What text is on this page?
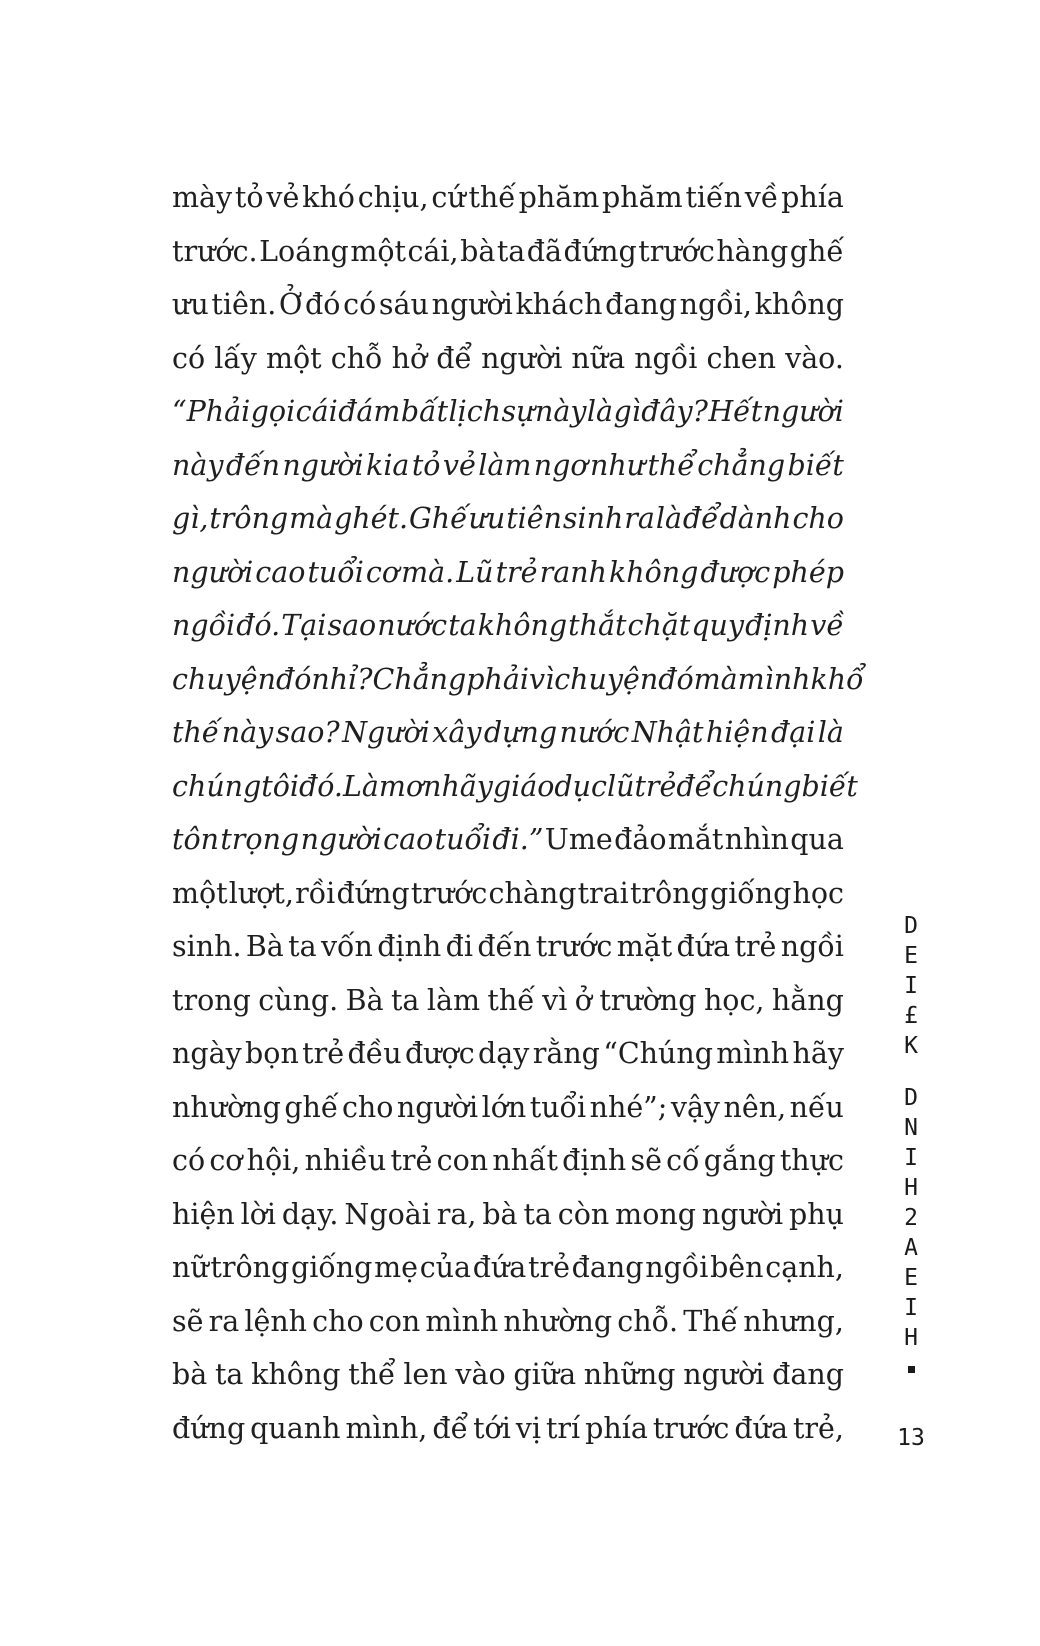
mày tỏ vẻ khó chịu, cứ thế phăm phăm tiến về phía
trước. Loáng một cái, bà ta đã đứng trước hàng ghế
ưu tiên. Ở đó có sáu người khách đang ngồi, không
có lấy một chỗ hở để người nữa ngồi chen vào.
“Phải gọi cái đám bất lịch sự này là gì đây? Hết người
này đến người kia tỏ vẻ làm ngơ như thể chẳng biết
gì, trông mà ghét. Ghế ưu tiên sinh ra là để dành cho
người cao tuổi cơ mà. Lũ trẻ ranh không được phép
ngồi đó. Tại sao nước ta không thắt chặt quy định về
chuyện đó nhỉ? Chẳng phải vì chuyện đó mà mình khổ
thế này sao? Người xây dựng nước Nhật hiện đại là
chúng tôi đó. Làm ơn hãy giáo dục lũ trẻ để chúng biết
tôn trọng người cao tuổi đi.” Ume đảo mắt nhìn qua
một lượt, rồi đứng trước chàng trai trông giống học
sinh. Bà ta vốn định đi đến trước mặt đứa trẻ ngồi
trong cùng. Bà ta làm thế vì ở trường học, hằng
ngày bọn trẻ đều được dạy rằng “Chúng mình hãy
nhường ghế cho người lớn tuổi nhé”; vậy nên, nếu
có cơ hội, nhiều trẻ con nhất định sẽ cố gắng thực
hiện lời dạy. Ngoài ra, bà ta còn mong người phụ
nữ trông giống mẹ của đứa trẻ đang ngồi bên cạnh,
sẽ ra lệnh cho con mình nhường chỗ. Thế nhưng,
bà ta không thể len vào giữa những người đang
đứng quanh mình, để tới vị trí phía trước đứa trẻ,
D
E
I
£
K
D
N
I
H
2
A
E
I
H
13
